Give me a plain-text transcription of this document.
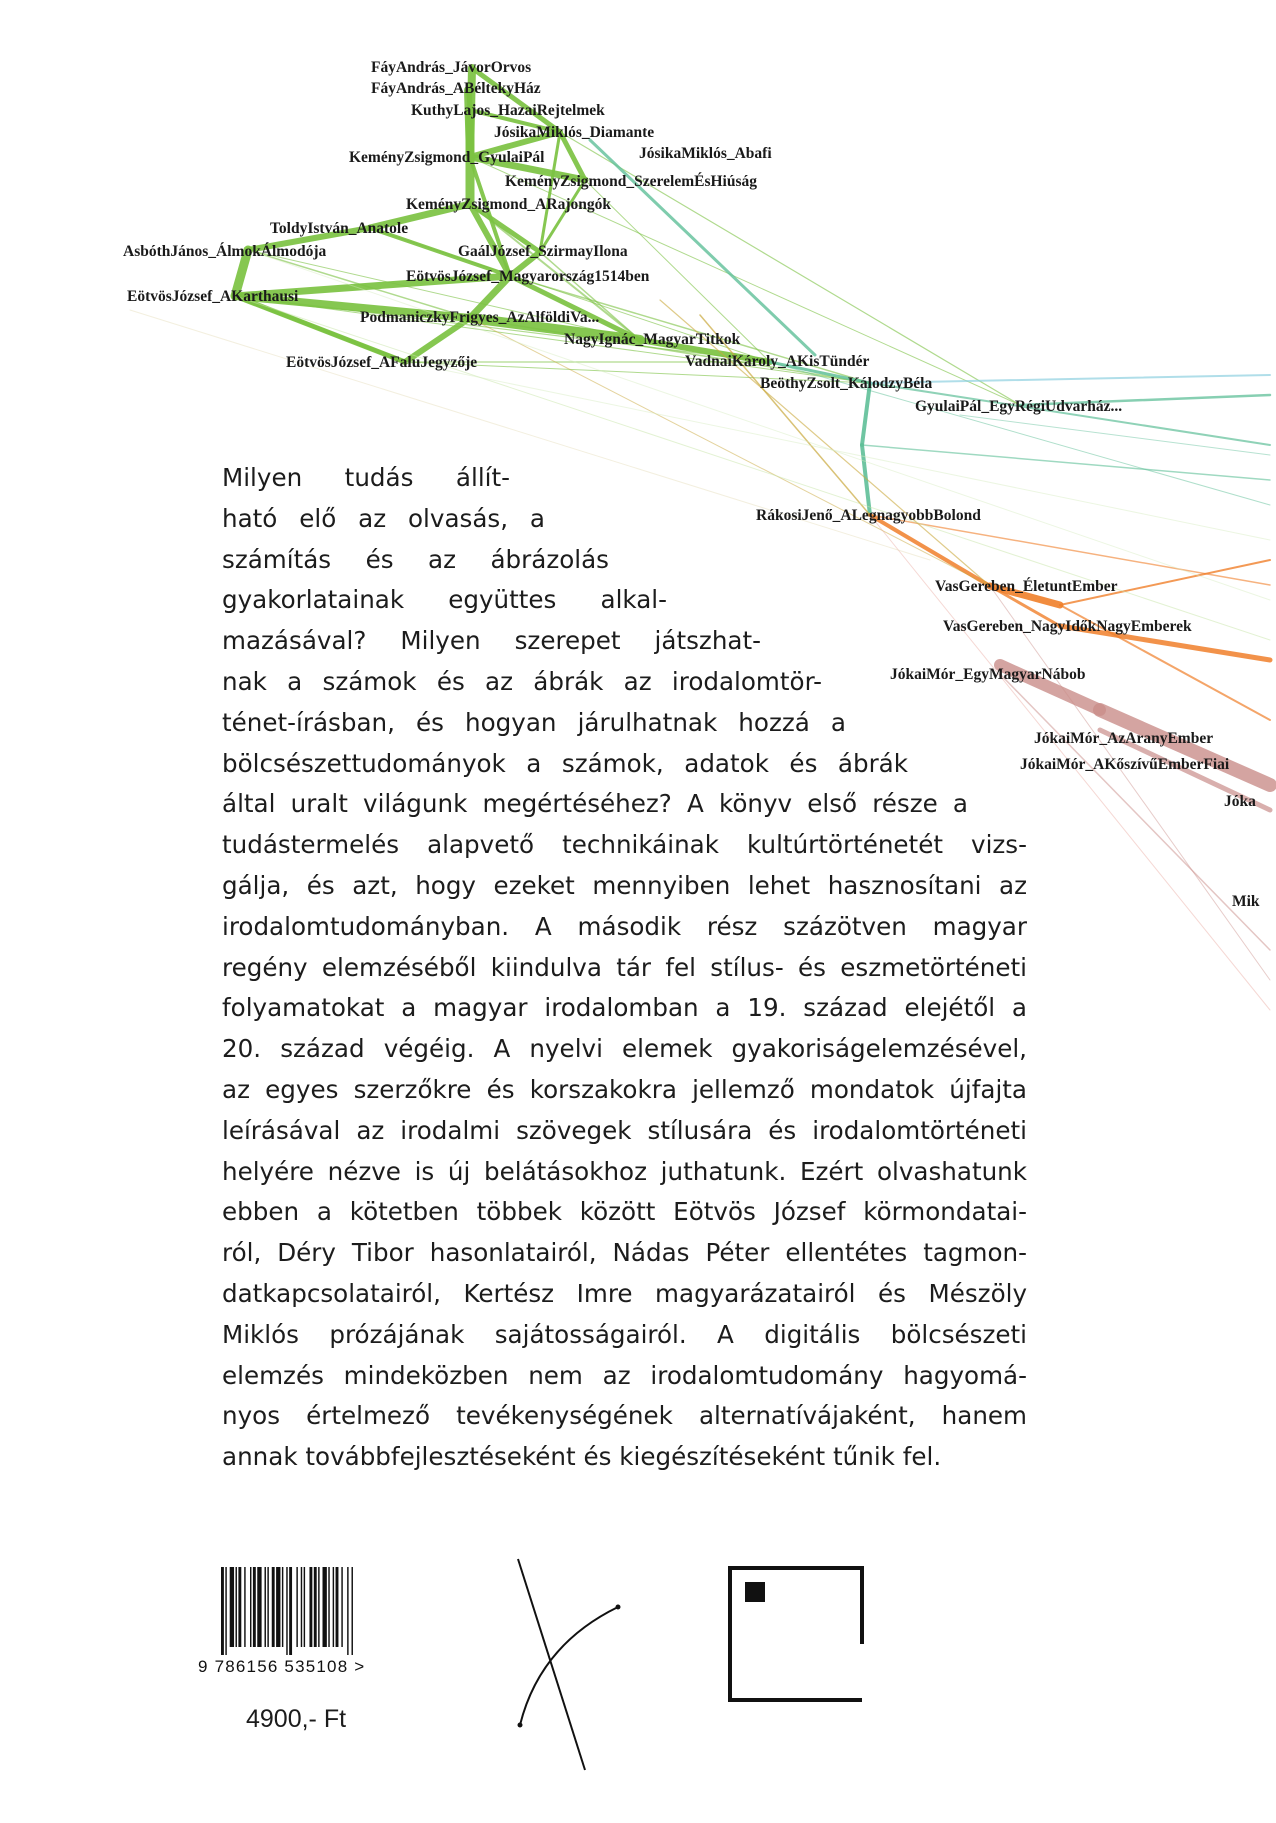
FáyAndrás_JávorOrvos
FáyAndrás_ABéltekyHáz
KuthyLajos_HazaiRejtelmek
JósikaMiklós_Diamante
KeményZsigmond_GyulaiPál	JósikaMiklós_Abafi
KeményZsigmond_SzerelemÉsHiúság
KeményZsigmond_ARajongók
ToldyIstván_Anatole
AsbóthJános_ÁlmokÁlmodója	GaálJózsef_SzirmayIlona
EötvösJózsef_Magyarország1514ben
EötvösJózsef_AKarthausi
PodmaniczkyFrigyes_AzAlföldiVa...
NagyIgnác_MagyarTitkok
VadnaiKároly_AKisTündér
EötvösJózsef_AFaluJegyzője
BeöthyZsolt_KálodzyBéla
GyulaiPál_EgyRégiUdvarház...
RákosiJenő_ALegnagyobbBolond
VasGereben_ÉletuntEmber
VasGereben_NagyIdőkNagyEmberek
JókaiMór_EgyMagyarNábob
JókaiMór_AzAranyEmber
JókaiMór_AKőszívűEmberFiai
Jóka
Mik
Milyen tudás állít-
ható elő az olvasás, a
számítás és az ábrázolás
gyakorlatainak együttes alkal-
mazásával? Milyen szerepet játszhat-
nak a számok és az ábrák az irodalomtör-
ténet-írásban, és hogyan járulhatnak hozzá a
bölcsészettudományok a számok, adatok és ábrák
által uralt világunk megértéséhez? A könyv első része a
tudástermelés alapvető technikáinak kultúrtörténetét vizs-
gálja, és azt, hogy ezeket mennyiben lehet hasznosítani az
irodalomtudományban. A második rész százötven magyar
regény elemzéséből kiindulva tár fel stílus- és eszmetörténeti
folyamatokat a magyar irodalomban a 19. század elejétől a
20. század végéig. A nyelvi elemek gyakoriságelemzésével,
az egyes szerzőkre és korszakokra jellemző mondatok újfajta
leírásával az irodalmi szövegek stílusára és irodalomtörténeti
helyére nézve is új belátásokhoz juthatunk. Ezért olvashatunk
ebben a kötetben többek között Eötvös József körmondatai-
ról, Déry Tibor hasonlatairól, Nádas Péter ellentétes tagmon-
datkapcsolatairól, Kertész Imre magyarázatairól és Mészöly
Miklós prózájának sajátosságairól. A digitális bölcsészeti
elemzés mindeközben nem az irodalomtudomány hagyomá-
nyos értelmező tevékenységének alternatívájaként, hanem
annak továbbfejlesztéseként és kiegészítéseként tűnik fel.
9 786156 535108 >
4900,- Ft
